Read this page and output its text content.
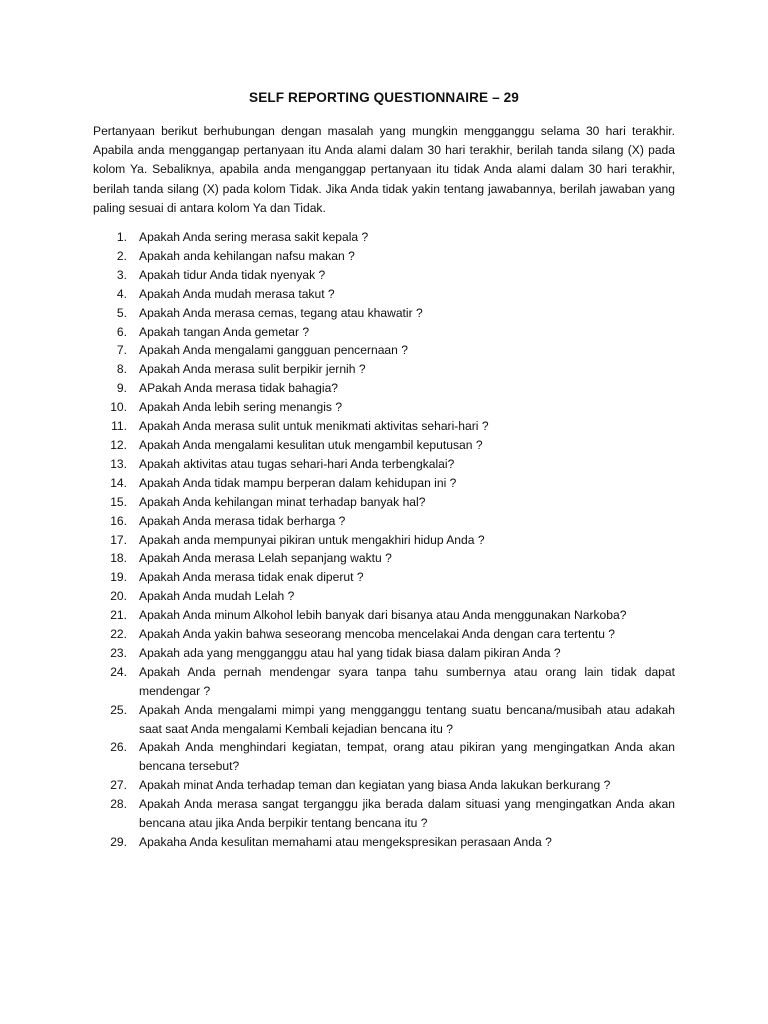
SELF REPORTING QUESTIONNAIRE – 29

Pertanyaan berikut berhubungan dengan masalah yang mungkin mengganggu selama 30 hari terakhir. Apabila anda menggangap pertanyaan itu Anda alami dalam 30 hari terakhir, berilah tanda silang (X) pada kolom Ya. Sebaliknya, apabila anda menganggap pertanyaan itu tidak Anda alami dalam 30 hari terakhir, berilah tanda silang (X) pada kolom Tidak. Jika Anda tidak yakin tentang jawabannya, berilah jawaban yang paling sesuai di antara kolom Ya dan Tidak.

1. Apakah Anda sering merasa sakit kepala ?
2. Apakah anda kehilangan nafsu makan ?
3. Apakah tidur Anda tidak nyenyak ?
4. Apakah Anda mudah merasa takut ?
5. Apakah Anda merasa cemas, tegang atau khawatir ?
6. Apakah tangan Anda gemetar ?
7. Apakah Anda mengalami gangguan pencernaan ?
8. Apakah Anda merasa sulit berpikir jernih ?
9. APakah Anda merasa tidak bahagia?
10. Apakah Anda lebih sering menangis ?
11. Apakah Anda merasa sulit untuk menikmati aktivitas sehari-hari ?
12. Apakah Anda mengalami kesulitan utuk mengambil keputusan ?
13. Apakah aktivitas atau tugas sehari-hari Anda terbengkalai?
14. Apakah Anda tidak mampu berperan dalam kehidupan ini ?
15. Apakah Anda kehilangan minat terhadap banyak hal?
16. Apakah Anda merasa tidak berharga ?
17. Apakah anda mempunyai pikiran untuk mengakhiri hidup Anda ?
18. Apakah Anda merasa Lelah sepanjang waktu ?
19. Apakah Anda merasa tidak enak diperut ?
20. Apakah Anda mudah Lelah ?
21. Apakah Anda minum Alkohol lebih banyak dari bisanya atau Anda menggunakan Narkoba?
22. Apakah Anda yakin bahwa seseorang mencoba mencelakai Anda dengan cara tertentu ?
23. Apakah ada yang mengganggu atau hal yang tidak biasa dalam pikiran Anda ?
24. Apakah Anda pernah mendengar syara tanpa tahu sumbernya atau orang lain tidak dapat mendengar ?
25. Apakah Anda mengalami mimpi yang mengganggu tentang suatu bencana/musibah atau adakah saat saat Anda mengalami Kembali kejadian bencana itu ?
26. Apakah Anda menghindari kegiatan, tempat, orang atau pikiran yang mengingatkan Anda akan bencana tersebut?
27. Apakah minat Anda terhadap teman dan kegiatan yang biasa Anda lakukan berkurang ?
28. Apakah Anda merasa sangat terganggu jika berada dalam situasi yang mengingatkan Anda akan bencana atau jika Anda berpikir tentang bencana itu ?
29. Apakaha Anda kesulitan memahami atau mengekspresikan perasaan Anda ?
